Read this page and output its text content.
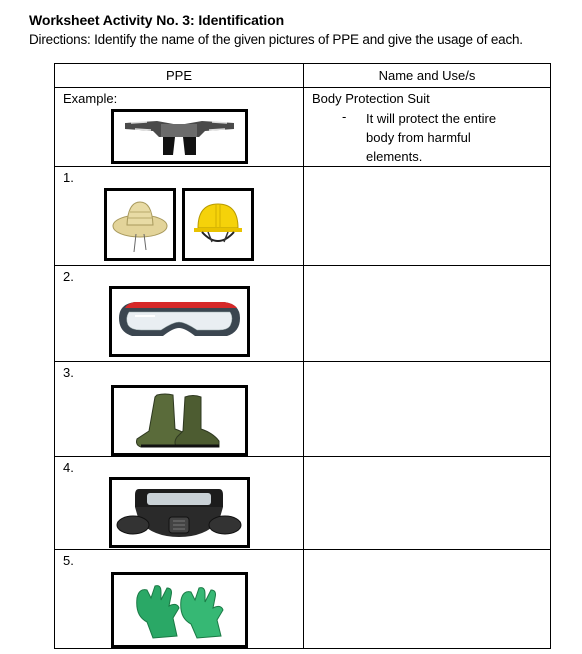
Worksheet Activity No. 3: Identification
Directions: Identify the name of the given pictures of PPE and give the usage of each.
PPE	Name and Use/s

Example:	Body Protection Suit
- It will protect the entire body from harmful elements.

1.	

2.	

3.	

4.	

5.	
